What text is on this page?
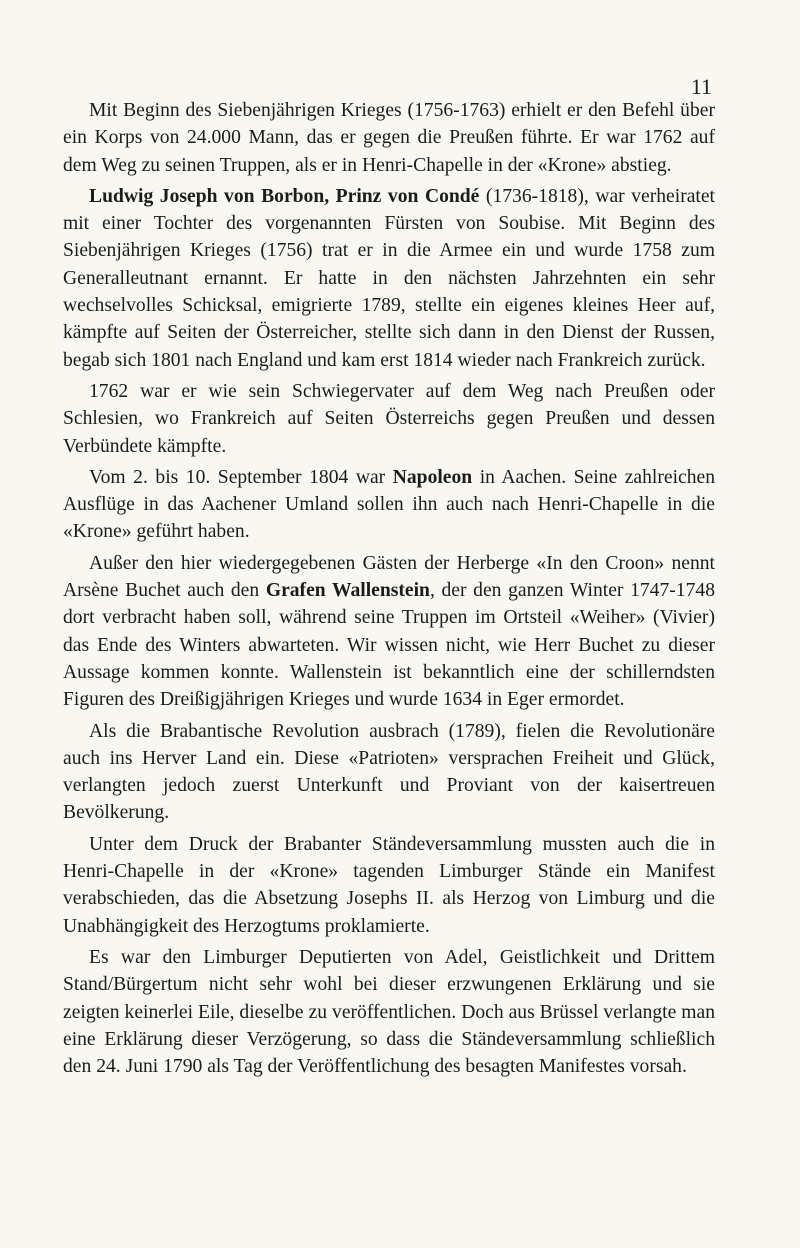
11

Mit Beginn des Siebenjährigen Krieges (1756-1763) erhielt er den Befehl über ein Korps von 24.000 Mann, das er gegen die Preußen führte. Er war 1762 auf dem Weg zu seinen Truppen, als er in Henri-Chapelle in der «Krone» abstieg.

Ludwig Joseph von Borbon, Prinz von Condé (1736-1818), war verheiratet mit einer Tochter des vorgenannten Fürsten von Soubise. Mit Beginn des Siebenjährigen Krieges (1756) trat er in die Armee ein und wurde 1758 zum Generalleutnant ernannt. Er hatte in den nächsten Jahrzehnten ein sehr wechselvolles Schicksal, emigrierte 1789, stellte ein eigenes kleines Heer auf, kämpfte auf Seiten der Österreicher, stellte sich dann in den Dienst der Russen, begab sich 1801 nach England und kam erst 1814 wieder nach Frankreich zurück.

1762 war er wie sein Schwiegervater auf dem Weg nach Preußen oder Schlesien, wo Frankreich auf Seiten Österreichs gegen Preußen und dessen Verbündete kämpfte.

Vom 2. bis 10. September 1804 war Napoleon in Aachen. Seine zahlreichen Ausflüge in das Aachener Umland sollen ihn auch nach Henri-Chapelle in die «Krone» geführt haben.

Außer den hier wiedergegebenen Gästen der Herberge «In den Croon» nennt Arsène Buchet auch den Grafen Wallenstein, der den ganzen Winter 1747-1748 dort verbracht haben soll, während seine Truppen im Ortsteil «Weiher» (Vivier) das Ende des Winters abwarteten. Wir wissen nicht, wie Herr Buchet zu dieser Aussage kommen konnte. Wallenstein ist bekanntlich eine der schillerndsten Figuren des Dreißigjährigen Krieges und wurde 1634 in Eger ermordet.

Als die Brabantische Revolution ausbrach (1789), fielen die Revolutionäre auch ins Herver Land ein. Diese «Patrioten» versprachen Freiheit und Glück, verlangten jedoch zuerst Unterkunft und Proviant von der kaisertreuen Bevölkerung.

Unter dem Druck der Brabanter Ständeversammlung mussten auch die in Henri-Chapelle in der «Krone» tagenden Limburger Stände ein Manifest verabschieden, das die Absetzung Josephs II. als Herzog von Limburg und die Unabhängigkeit des Herzogtums proklamierte.

Es war den Limburger Deputierten von Adel, Geistlichkeit und Drittem Stand/Bürgertum nicht sehr wohl bei dieser erzwungenen Erklärung und sie zeigten keinerlei Eile, dieselbe zu veröffentlichen. Doch aus Brüssel verlangte man eine Erklärung dieser Verzögerung, so dass die Ständeversammlung schließlich den 24. Juni 1790 als Tag der Veröffentlichung des besagten Manifestes vorsah.
